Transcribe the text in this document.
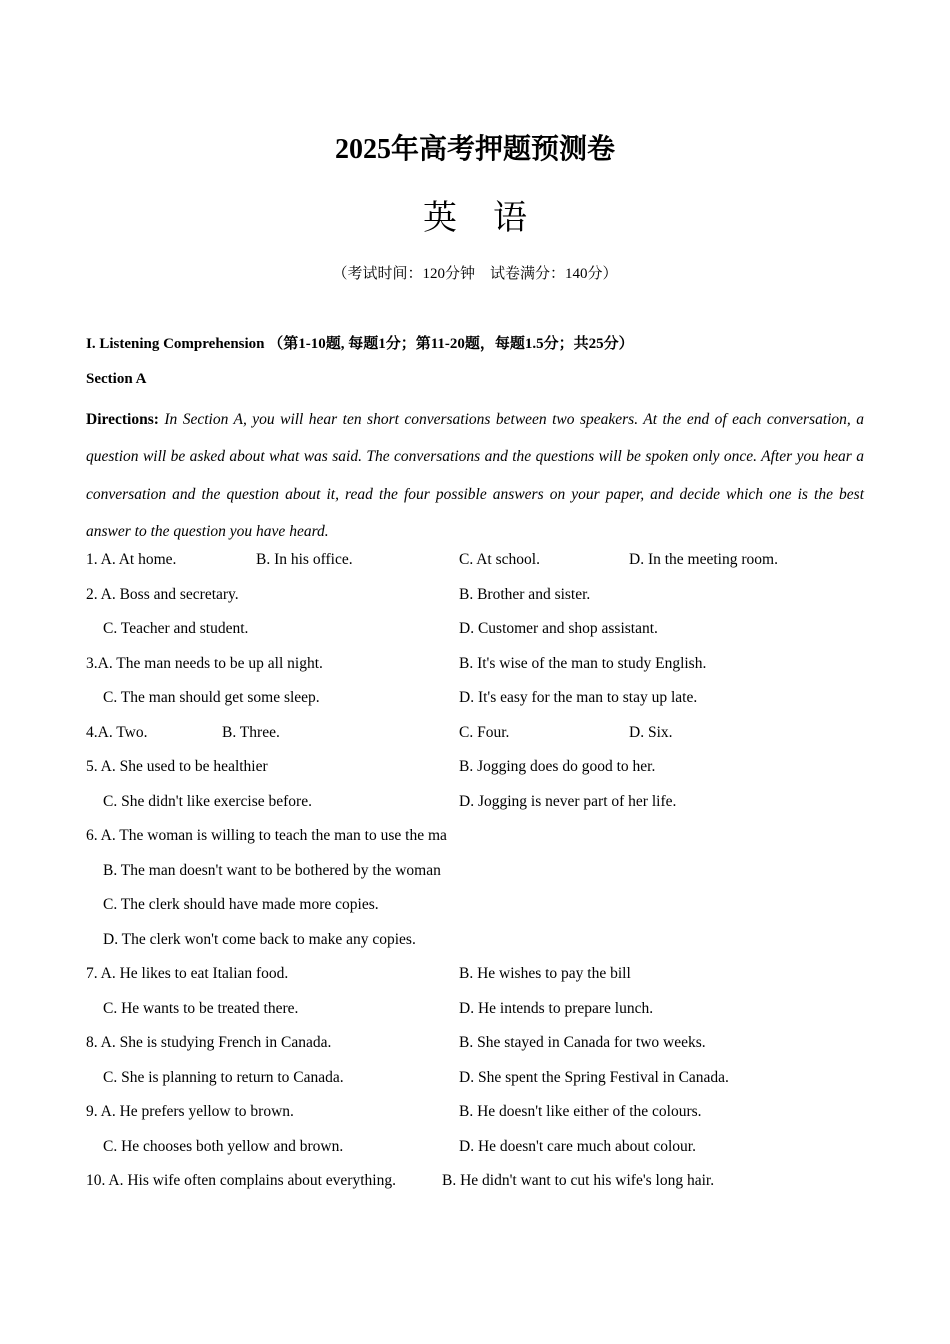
2025年高考押题预测卷
英语
（考试时间：120分钟　试卷满分：140分）
I. Listening Comprehension （第1-10题, 每题1分；第11-20题，每题1.5分；共25分）
Section A
Directions: In Section A, you will hear ten short conversations between two speakers. At the end of each conversation, a question will be asked about what was said. The conversations and the questions will be spoken only once. After you hear a conversation and the question about it, read the four possible answers on your paper, and decide which one is the best answer to the question you have heard.
1. A. At home.	B. In his office.	C. At school.	D. In the meeting room.
2. A. Boss and secretary.	B. Brother and sister.
C. Teacher and student.	D. Customer and shop assistant.
3.A. The man needs to be up all night.	B. It's wise of the man to study English.
C. The man should get some sleep.	D. It's easy for the man to stay up late.
4.A. Two.	B. Three.	C. Four.	D. Six.
5. A. She used to be healthier	B. Jogging does do good to her.
C. She didn't like exercise before.	D. Jogging is never part of her life.
6. A. The woman is willing to teach the man to use the ma
B. The man doesn't want to be bothered by the woman
C. The clerk should have made more copies.
D. The clerk won't come back to make any copies.
7. A. He likes to eat Italian food.	B. He wishes to pay the bill
C. He wants to be treated there.	D. He intends to prepare lunch.
8. A. She is studying French in Canada.	B. She stayed in Canada for two weeks.
C. She is planning to return to Canada.	D. She spent the Spring Festival in Canada.
9. A. He prefers yellow to brown.	B. He doesn't like either of the colours.
C. He chooses both yellow and brown.	D. He doesn't care much about colour.
10. A. His wife often complains about everything.	B. He didn't want to cut his wife's long hair.
